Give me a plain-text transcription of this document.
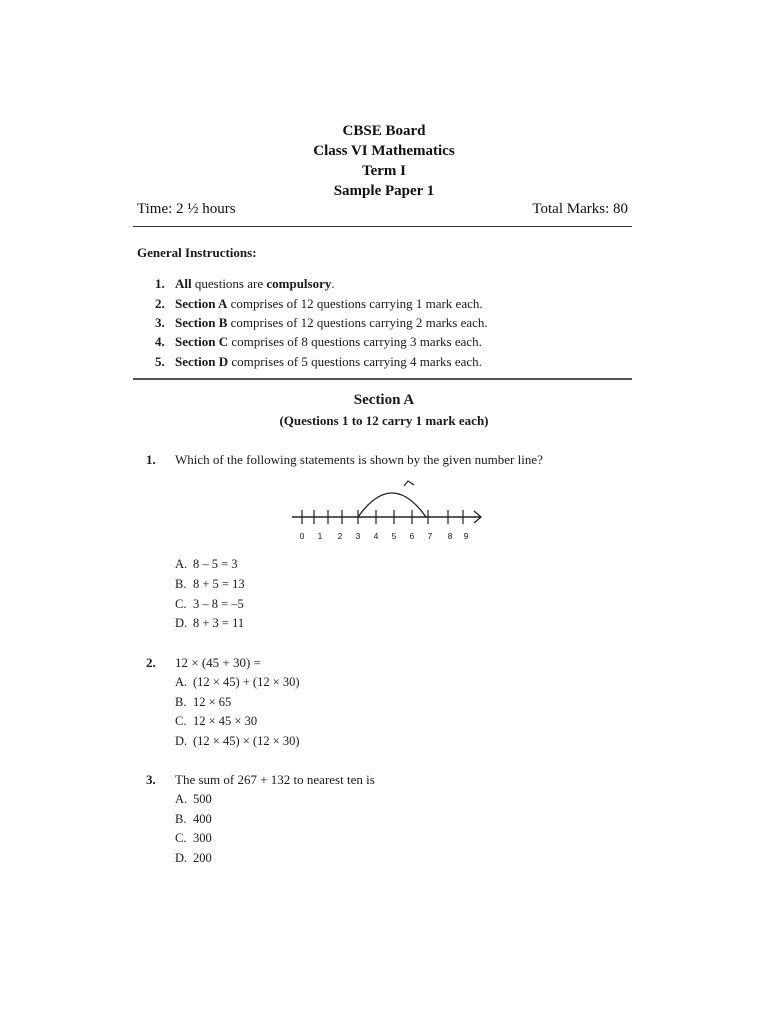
CBSE Board
Class VI Mathematics
Term I
Sample Paper 1
Time: 2 ½ hours	Total Marks: 80
General Instructions:
1. All questions are compulsory.
2. Section A comprises of 12 questions carrying 1 mark each.
3. Section B comprises of 12 questions carrying 2 marks each.
4. Section C comprises of 8 questions carrying 3 marks each.
5. Section D comprises of 5 questions carrying 4 marks each.
Section A
(Questions 1 to 12 carry 1 mark each)
1. Which of the following statements is shown by the given number line?
0 1 2 3 4 5 6 7 8 9
A. 8 – 5 = 3
B. 8 + 5 = 13
C. 3 – 8 = –5
D. 8 + 3 = 11
2. 12 × (45 + 30) =
A. (12 × 45) + (12 × 30)
B. 12 × 65
C. 12 × 45 × 30
D. (12 × 45) × (12 × 30)
3. The sum of 267 + 132 to nearest ten is
A. 500
B. 400
C. 300
D. 200
